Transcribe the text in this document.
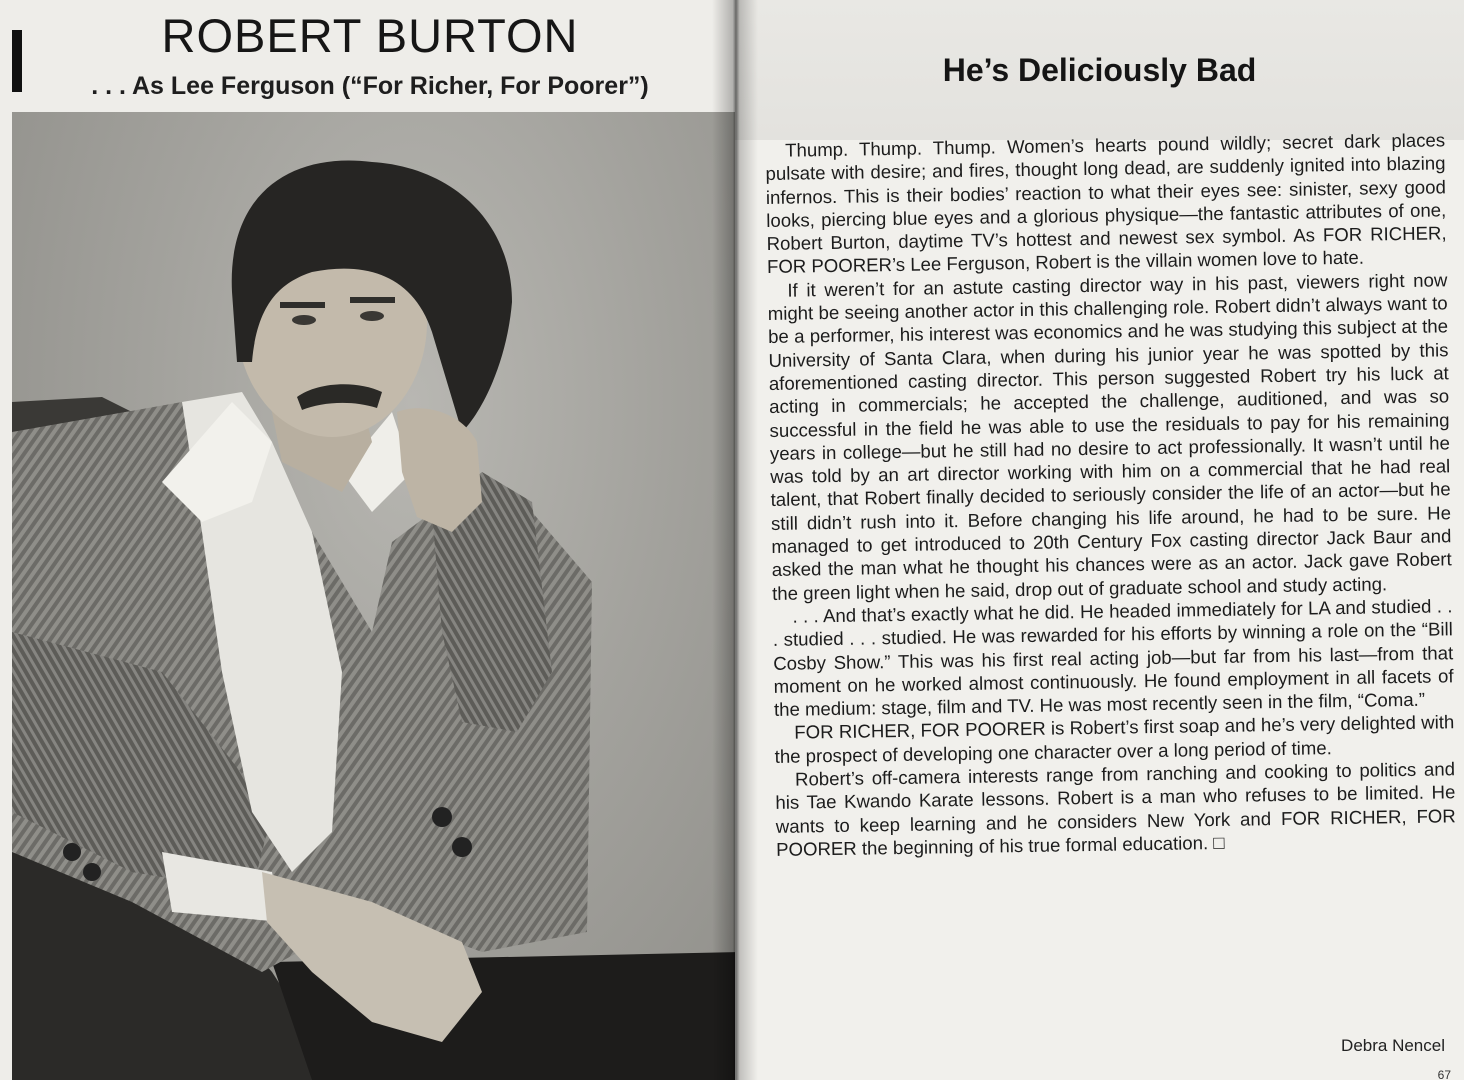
ROBERT BURTON
. . . As Lee Ferguson (“For Richer, For Poorer”)	He’s Deliciously Bad

Thump. Thump. Thump. Women’s hearts pound wildly; secret dark places pulsate with desire; and fires, thought long dead, are suddenly ignited into blazing infernos. This is their bodies’ reaction to what their eyes see: sinister, sexy good looks, piercing blue eyes and a glorious physique—the fantastic attributes of one, Robert Burton, daytime TV’s hottest and newest sex symbol. As FOR RICHER, FOR POORER’s Lee Ferguson, Robert is the villain women love to hate.

If it weren’t for an astute casting director way in his past, viewers right now might be seeing another actor in this challenging role. Robert didn’t always want to be a performer, his interest was economics and he was studying this subject at the University of Santa Clara, when during his junior year he was spotted by this aforementioned casting director. This person suggested Robert try his luck at acting in commercials; he accepted the challenge, auditioned, and was so successful in the field he was able to use the residuals to pay for his remaining years in college—but he still had no desire to act professionally. It wasn’t until he was told by an art director working with him on a commercial that he had real talent, that Robert finally decided to seriously consider the life of an actor—but he still didn’t rush into it. Before changing his life around, he had to be sure. He managed to get introduced to 20th Century Fox casting director Jack Baur and asked the man what he thought his chances were as an actor. Jack gave Robert the green light when he said, drop out of graduate school and study acting.

. . . And that’s exactly what he did. He headed immediately for LA and studied . . . studied . . . studied. He was rewarded for his efforts by winning a role on the “Bill Cosby Show.” This was his first real acting job—but far from his last—from that moment on he worked almost continuously. He found employment in all facets of the medium: stage, film and TV. He was most recently seen in the film, “Coma.”

FOR RICHER, FOR POORER is Robert’s first soap and he’s very delighted with the prospect of developing one character over a long period of time.

Robert’s off-camera interests range from ranching and cooking to politics and his Tae Kwando Karate lessons. Robert is a man who refuses to be limited. He wants to keep learning and he considers New York and FOR RICHER, FOR POORER the beginning of his true formal education. □

Debra Nencel
67
